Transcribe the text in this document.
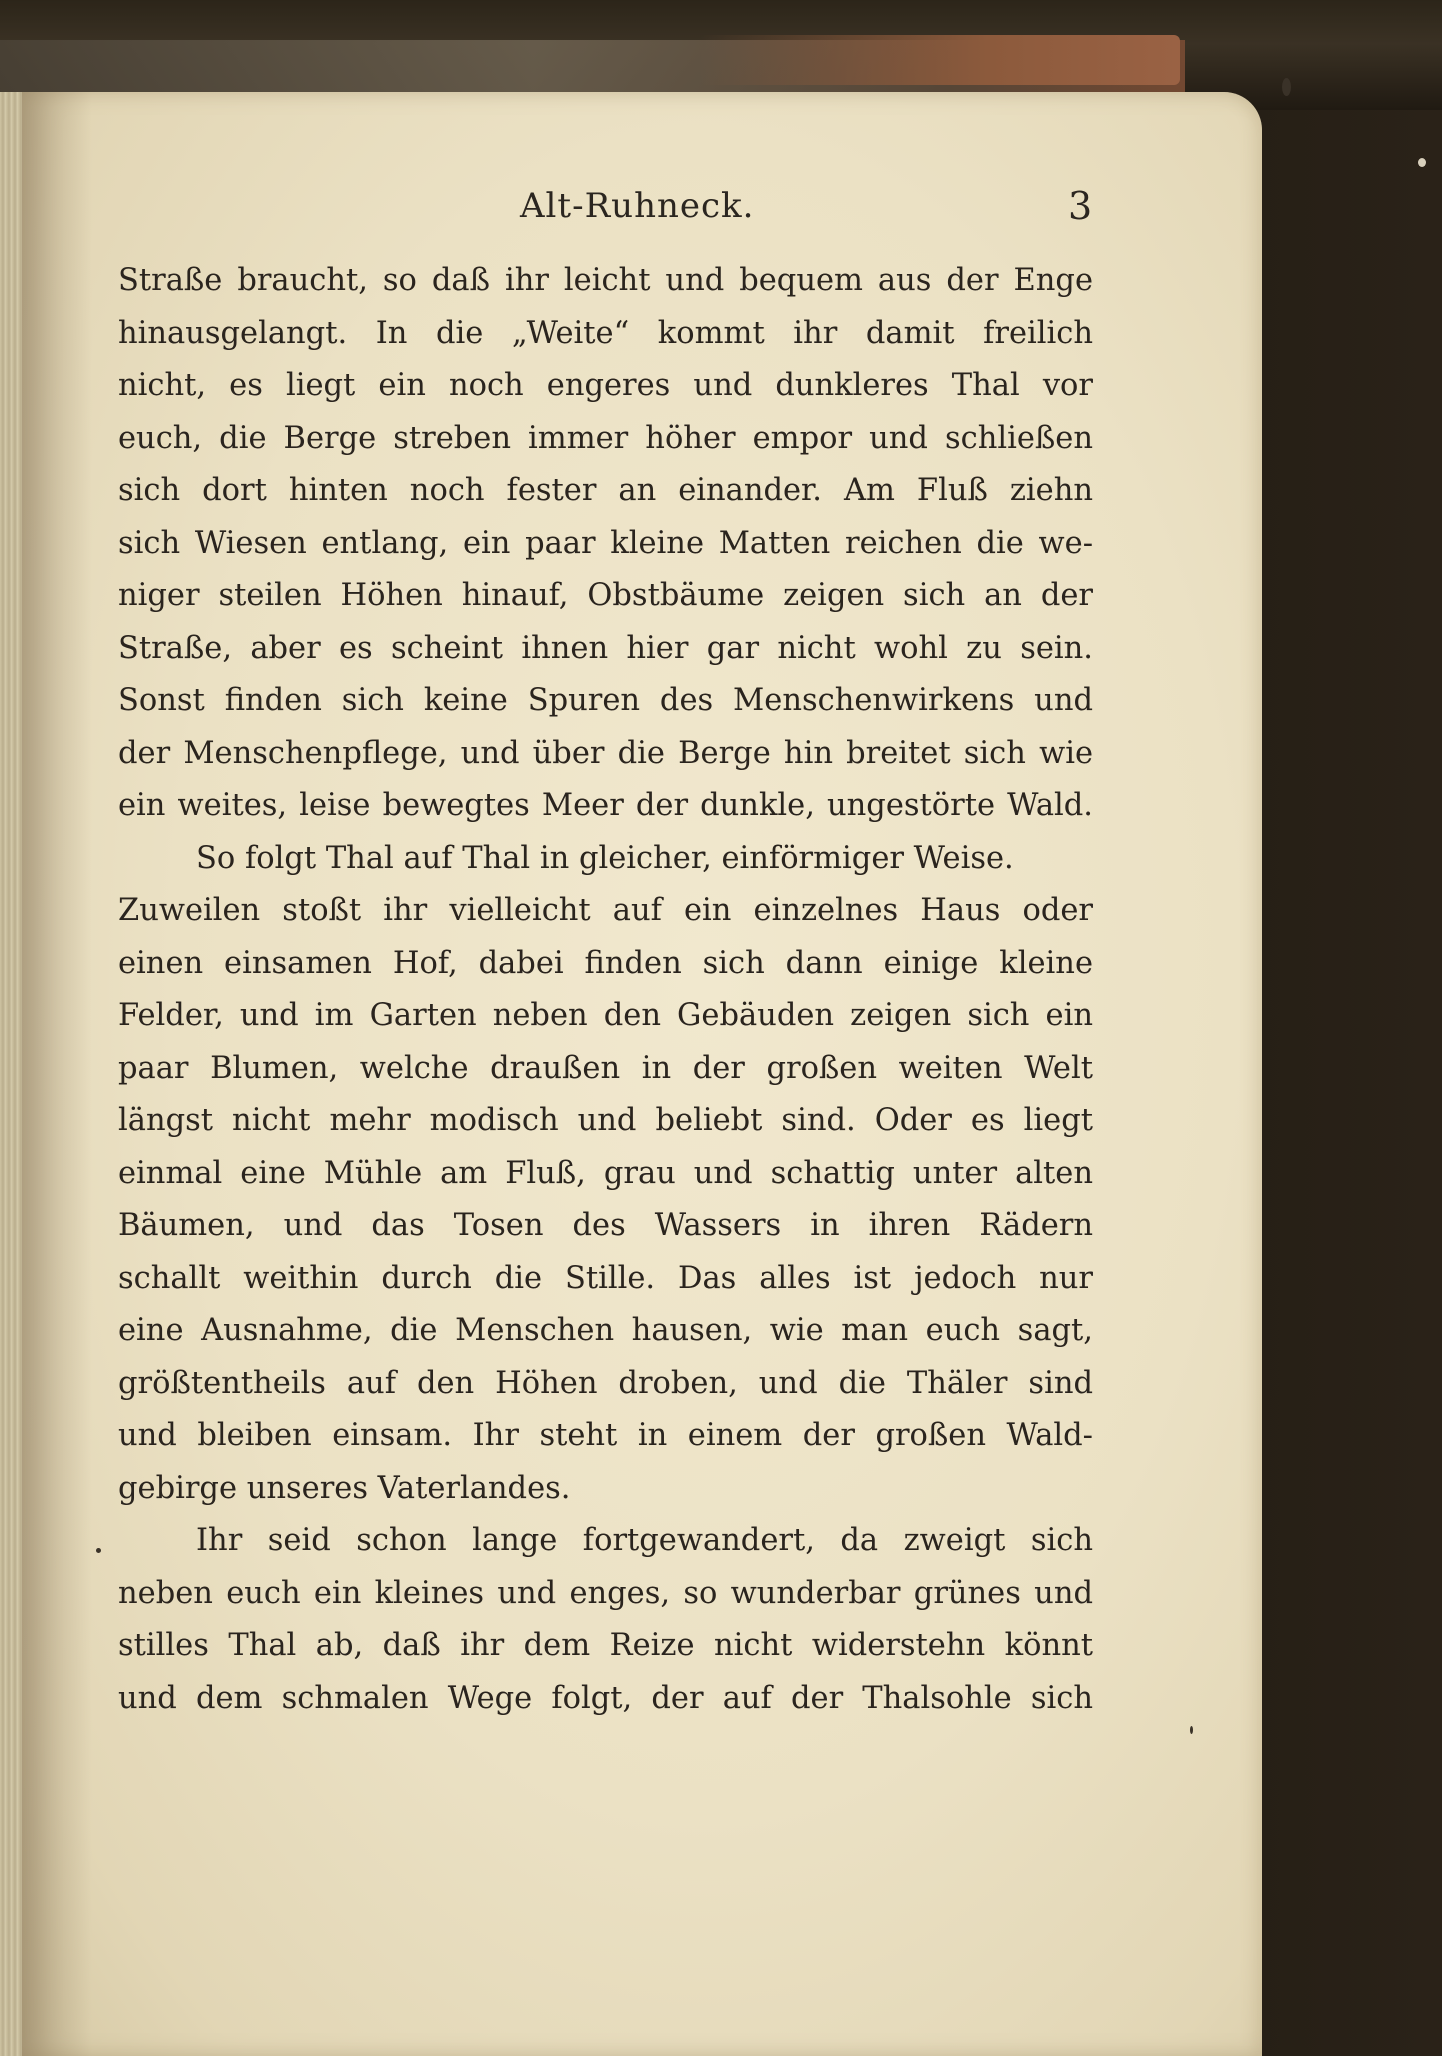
Alt-Ruhneck.	3
Straße braucht, so daß ihr leicht und bequem aus der Enge
hinausgelangt. In die „Weite“ kommt ihr damit freilich
nicht, es liegt ein noch engeres und dunkleres Thal vor
euch, die Berge streben immer höher empor und schließen
sich dort hinten noch fester an einander. Am Fluß ziehn
sich Wiesen entlang, ein paar kleine Matten reichen die we-
niger steilen Höhen hinauf, Obstbäume zeigen sich an der
Straße, aber es scheint ihnen hier gar nicht wohl zu sein.
Sonst finden sich keine Spuren des Menschenwirkens und
der Menschenpflege, und über die Berge hin breitet sich wie
ein weites, leise bewegtes Meer der dunkle, ungestörte Wald.
So folgt Thal auf Thal in gleicher, einförmiger Weise.
Zuweilen stoßt ihr vielleicht auf ein einzelnes Haus oder
einen einsamen Hof, dabei finden sich dann einige kleine
Felder, und im Garten neben den Gebäuden zeigen sich ein
paar Blumen, welche draußen in der großen weiten Welt
längst nicht mehr modisch und beliebt sind. Oder es liegt
einmal eine Mühle am Fluß, grau und schattig unter alten
Bäumen, und das Tosen des Wassers in ihren Rädern
schallt weithin durch die Stille. Das alles ist jedoch nur
eine Ausnahme, die Menschen hausen, wie man euch sagt,
größtentheils auf den Höhen droben, und die Thäler sind
und bleiben einsam. Ihr steht in einem der großen Wald-
gebirge unseres Vaterlandes.
Ihr seid schon lange fortgewandert, da zweigt sich
neben euch ein kleines und enges, so wunderbar grünes und
stilles Thal ab, daß ihr dem Reize nicht widerstehn könnt
und dem schmalen Wege folgt, der auf der Thalsohle sich
